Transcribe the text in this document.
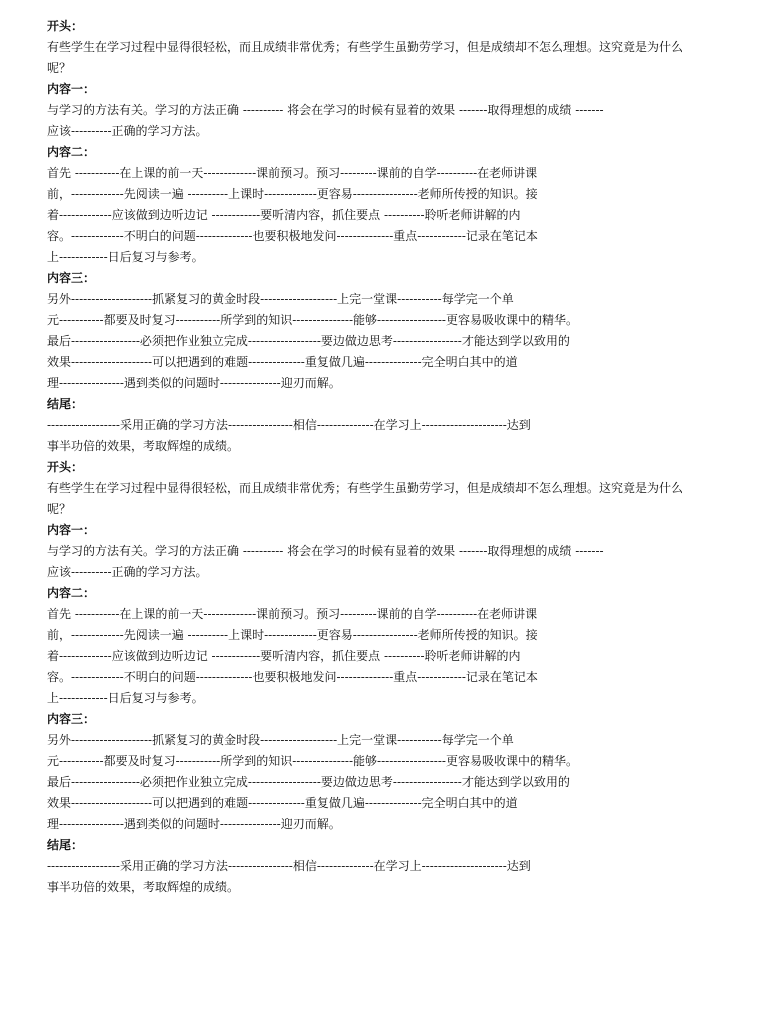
开头：
有些学生在学习过程中显得很轻松，而且成绩非常优秀；有些学生虽勤劳学习，但是成绩却不怎么理想。这究竟是为什么
呢？
内容一：
与学习的方法有关。学习的方法正确 ---------- 将会在学习的时候有显着的效果 -------取得理想的成绩 -------
应该----------正确的学习方法。
内容二：
首先 -----------在上课的前一天-------------课前预习。预习---------课前的自学----------在老师讲课
前，-------------先阅读一遍 ----------上课时-------------更容易----------------老师所传授的知识。接
着-------------应该做到边听边记 ------------要听清内容，抓住要点 ----------聆听老师讲解的内
容。-------------不明白的问题--------------也要积极地发问--------------重点------------记录在笔记本
上------------日后复习与参考。
内容三：
另外--------------------抓紧复习的黄金时段-------------------上完一堂课-----------每学完一个单
元-----------都要及时复习-----------所学到的知识---------------能够-----------------更容易吸收课中的精华。
最后-----------------必须把作业独立完成------------------要边做边思考-----------------才能达到学以致用的
效果--------------------可以把遇到的难题--------------重复做几遍--------------完全明白其中的道
理----------------遇到类似的问题时---------------迎刃而解。
结尾：
------------------采用正确的学习方法----------------相信--------------在学习上---------------------达到
事半功倍的效果，考取辉煌的成绩。
开头：
有些学生在学习过程中显得很轻松，而且成绩非常优秀；有些学生虽勤劳学习，但是成绩却不怎么理想。这究竟是为什么
呢？
内容一：
与学习的方法有关。学习的方法正确 ---------- 将会在学习的时候有显着的效果 -------取得理想的成绩 -------
应该----------正确的学习方法。
内容二：
首先 -----------在上课的前一天-------------课前预习。预习---------课前的自学----------在老师讲课
前，-------------先阅读一遍 ----------上课时-------------更容易----------------老师所传授的知识。接
着-------------应该做到边听边记 ------------要听清内容，抓住要点 ----------聆听老师讲解的内
容。-------------不明白的问题--------------也要积极地发问--------------重点------------记录在笔记本
上------------日后复习与参考。
内容三：
另外--------------------抓紧复习的黄金时段-------------------上完一堂课-----------每学完一个单
元-----------都要及时复习-----------所学到的知识---------------能够-----------------更容易吸收课中的精华。
最后-----------------必须把作业独立完成------------------要边做边思考-----------------才能达到学以致用的
效果--------------------可以把遇到的难题--------------重复做几遍--------------完全明白其中的道
理----------------遇到类似的问题时---------------迎刃而解。
结尾：
------------------采用正确的学习方法----------------相信--------------在学习上---------------------达到
事半功倍的效果，考取辉煌的成绩。
